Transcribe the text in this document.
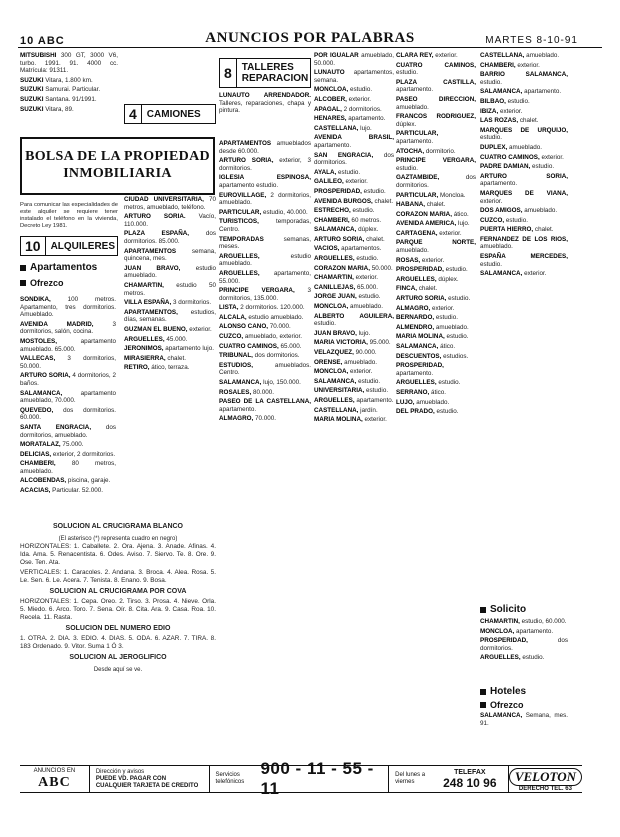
10 ABC	ANUNCIOS POR PALABRAS	MARTES 8-10-91
MITSUBISHI 300 GT, 3000 V6, turbo. 1991. 91. 4000 cc. Matrícula: 91311.
SUZUKI Vitara, 1.800 km.
SUZUKI Samurai. Particular.
SUZUKI Santana. 91/1991.
SUZUKI Vitara, 89.	4	CAMIONES
8	TALLERES
REPARACION
LUNAUTO ARRENDADOR. Talleres, reparaciones, chapa y pintura.
BOLSA DE LA PROPIEDAD
INMOBILIARIA
Para comunicar las especialidades de este alquiler se requiere tener instalado el teléfono en la vivienda, Decreto Ley 1981.
10	ALQUILERES
Apartamentos
Ofrezco
SONDIKA, 100 metros. Apartamento, tres dormitorios. Amueblado.
AVENIDA MADRID, 3 dormitorios, salón, cocina.
MOSTOLES, apartamento amueblado. 65.000.
VALLECAS, 3 dormitorios, 50.000.
ARTURO SORIA, 4 dormitorios, 2 baños.
SALAMANCA, apartamento amueblado, 70.000.
QUEVEDO, dos dormitorios. 60.000.
SANTA ENGRACIA, dos dormitorios, amueblado.
MORATALAZ, 75.000.
DELICIAS, exterior, 2 dormitorios.
CHAMBERI, 80 metros, amueblado.
ALCOBENDAS, piscina, garaje.
ACACIAS, Particular. 52.000.
CIUDAD UNIVERSITARIA, 70 metros, amueblado, teléfono.
ARTURO SORIA. Vacío, 110.000.
PLAZA ESPAÑA, dos dormitorios. 85.000.
APARTAMENTOS semana, quincena, mes.
JUAN BRAVO, estudio amueblado.
CHAMARTIN, estudio 50 metros.
VILLA ESPAÑA, 3 dormitorios.
APARTAMENTOS, estudios, días, semanas.
GUZMAN EL BUENO, exterior.
ARGUELLES, 45.000.
JERONIMOS, apartamento lujo.
MIRASIERRA, chalet.
RETIRO, ático, terraza.
APARTAMENTOS amueblados desde 60.000.
ARTURO SORIA, exterior, 3 dormitorios.
IGLESIA ESPINOSA, apartamento estudio.
EUROVILLAGE, 2 dormitorios, amueblado.
PARTICULAR, estudio, 40.000.
TURISTICOS, temporadas, Centro.
TEMPORADAS semanas, meses.
ARGUELLES, estudio amueblado.
ARGUELLES, apartamento, 55.000.
PRINCIPE VERGARA, 3 dormitorios, 135.000.
LISTA, 2 dormitorios. 120.000.
ALCALA, estudio amueblado.
ALONSO CANO, 70.000.
CUZCO, amueblado, exterior.
CUATRO CAMINOS, 65.000.
TRIBUNAL, dos dormitorios.
ESTUDIOS, amueblados. Centro.
SALAMANCA, lujo, 150.000.
ROSALES, 80.000.
PASEO DE LA CASTELLANA, apartamento.
ALMAGRO, 70.000.
POR IGUALAR amueblado, 50.000.
LUNAUTO apartamentos, semana.
MONCLOA, estudio.
ALCOBER, exterior.
APAGAL, 2 dormitorios.
HENARES, apartamento.
CASTELLANA, lujo.
AVENIDA BRASIL, apartamento.
SAN ENGRACIA, dos dormitorios.
AYALA, estudio.
GALILEO, exterior.
PROSPERIDAD, estudio.
AVENIDA BURGOS, chalet.
ESTRECHO, estudio.
CHAMBERI, 60 metros.
SALAMANCA, dúplex.
ARTURO SORIA, chalet.
VACIOS, apartamentos.
ARGUELLES, estudio.
CORAZON MARIA, 50.000.
CHAMARTIN, exterior.
CANILLEJAS, 65.000.
JORGE JUAN, estudio.
MONCLOA, amueblado.
ALBERTO AGUILERA, estudio.
JUAN BRAVO, lujo.
MARIA VICTORIA, 95.000.
VELAZQUEZ, 90.000.
ORENSE, amueblado.
MONCLOA, exterior.
SALAMANCA, estudio.
UNIVERSITARIA, estudio.
ARGUELLES, apartamento.
CASTELLANA, jardín.
MARIA MOLINA, exterior.
CLARA REY, exterior.
CUATRO CAMINOS, estudio.
PLAZA CASTILLA, apartamento.
PASEO DIRECCION, amueblado.
FRANCOS RODRIGUEZ, dúplex.
PARTICULAR, apartamento.
ATOCHA, dormitorio.
PRINCIPE VERGARA, estudio.
GAZTAMBIDE, dos dormitorios.
PARTICULAR, Moncloa.
HABANA, chalet.
CORAZON MARIA, ático.
AVENIDA AMERICA, lujo.
CARTAGENA, exterior.
PARQUE NORTE, amueblado.
ROSAS, exterior.
PROSPERIDAD, estudio.
ARGUELLES, dúplex.
FINCA, chalet.
ARTURO SORIA, estudio.
ALMAGRO, exterior.
BERNARDO, estudio.
ALMENDRO, amueblado.
MARIA MOLINA, estudio.
SALAMANCA, ático.
DESCUENTOS, estudios.
PROSPERIDAD, apartamento.
ARGUELLES, estudio.
SERRANO, ático.
LUJO, amueblado.
DEL PRADO, estudio.
CASTELLANA, amueblado.
CHAMBERI, exterior.
BARRIO SALAMANCA, estudio.
SALAMANCA, apartamento.
BILBAO, estudio.
IBIZA, exterior.
LAS ROZAS, chalet.
MARQUES DE URQUIJO, estudio.
DUPLEX, amueblado.
CUATRO CAMINOS, exterior.
PADRE DAMIAN, estudio.
ARTURO SORIA, apartamento.
MARQUES DE VIANA, exterior.
DOS AMIGOS, amueblado.
CUZCO, estudio.
PUERTA HIERRO, chalet.
FERNANDEZ DE LOS RIOS, amueblado.
ESPAÑA MERCEDES, estudio.
SALAMANCA, exterior.
Solicito
CHAMARTIN, estudio, 60.000.
MONCLOA, apartamento.
PROSPERIDAD, dos dormitorios.
ARGUELLES, estudio.
Hoteles
Ofrezco
SALAMANCA, Semana, mes. 91.
SOLUCION AL CRUCIGRAMA BLANCO
(El asterisco (*) representa cuadro en negro)

HORIZONTALES: 1. Caballete. 2. Ora. Ajena. 3. Anade. Afinas. 4. Ida. Ama. 5. Renacentista. 6. Odes. Aviso. 7. Siervo. Te. 8. Ore. 9. Ose. Ten. Ata.

VERTICALES: 1. Caracoles. 2. Andana. 3. Broca. 4. Alea. Rosa. 5. Le. Sen. 6. Le. Acera. 7. Tenista. 8. Enano. 9. Bosa.

SOLUCION AL CRUCIGRAMA POR COVA

HORIZONTALES: 1. Cepa. Oreo. 2. Tirso. 3. Prosa. 4. Nieve. Orla. 5. Miedo. 6. Arco. Toro. 7. Sena. Oír. 8. Cita. Ara. 9. Casa. Roa. 10. Recela. 11. Rasta.

SOLUCION DEL NUMERO EDIO

1. OTRA. 2. DIA. 3. EDIO. 4. DIAS. 5. ODA. 6. AZAR. 7. TIRA. 8. 183 Ordenado. 9. Vitor. Suma 1 Ó 3.

SOLUCION AL JEROGLIFICO
Desde aquí se ve.
ANUNCIOS EN
ABC
Dirección y avisos
PUEDE VD. PAGAR CON
CUALQUIER TARJETA DE CREDITO
Servicios telefónicos
900 - 11 - 55 - 11
Del lunes a viernes
TELEFAX
248 10 96	VELOTON
DERECHO TEL. 63
